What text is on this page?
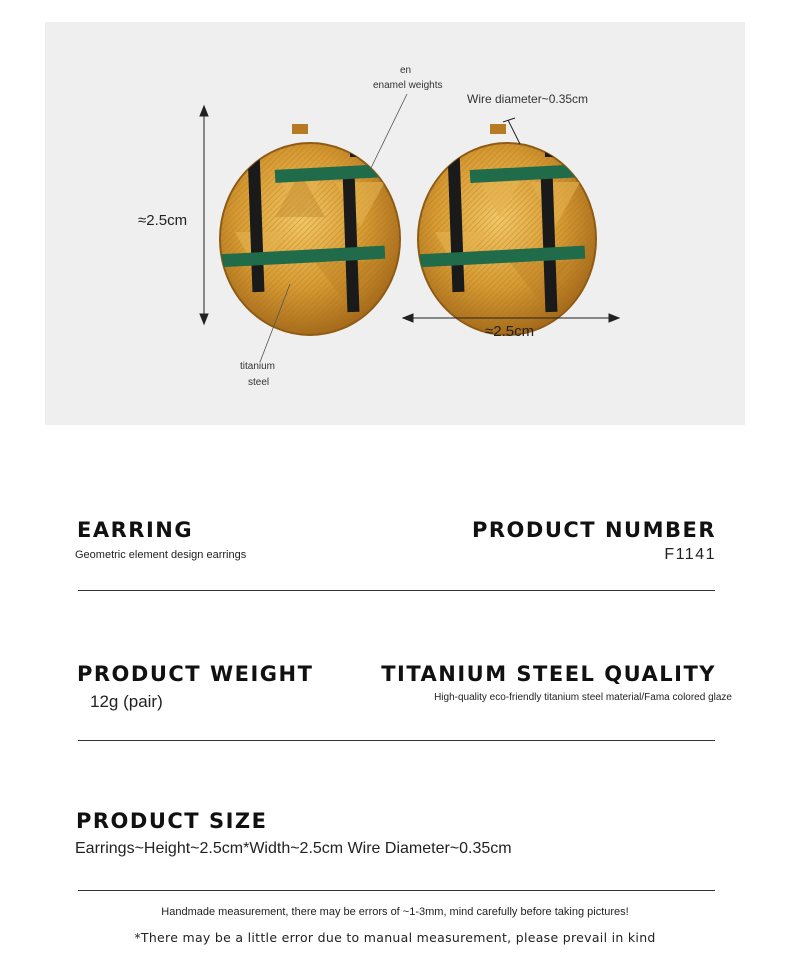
en
enamel weights
Wire diameter~0.35cm
≈2.5cm
≈2.5cm
titanium
steel
EARRING
Geometric element design earrings
PRODUCT NUMBER
F1141
PRODUCT WEIGHT
12g (pair)
TITANIUM STEEL QUALITY
High-quality eco-friendly titanium steel material/Fama colored glaze
PRODUCT SIZE
Earrings~Height~2.5cm*Width~2.5cm Wire Diameter~0.35cm
Handmade measurement, there may be errors of ~1-3mm, mind carefully before taking pictures!
*There may be a little error due to manual measurement, please prevail in kind
